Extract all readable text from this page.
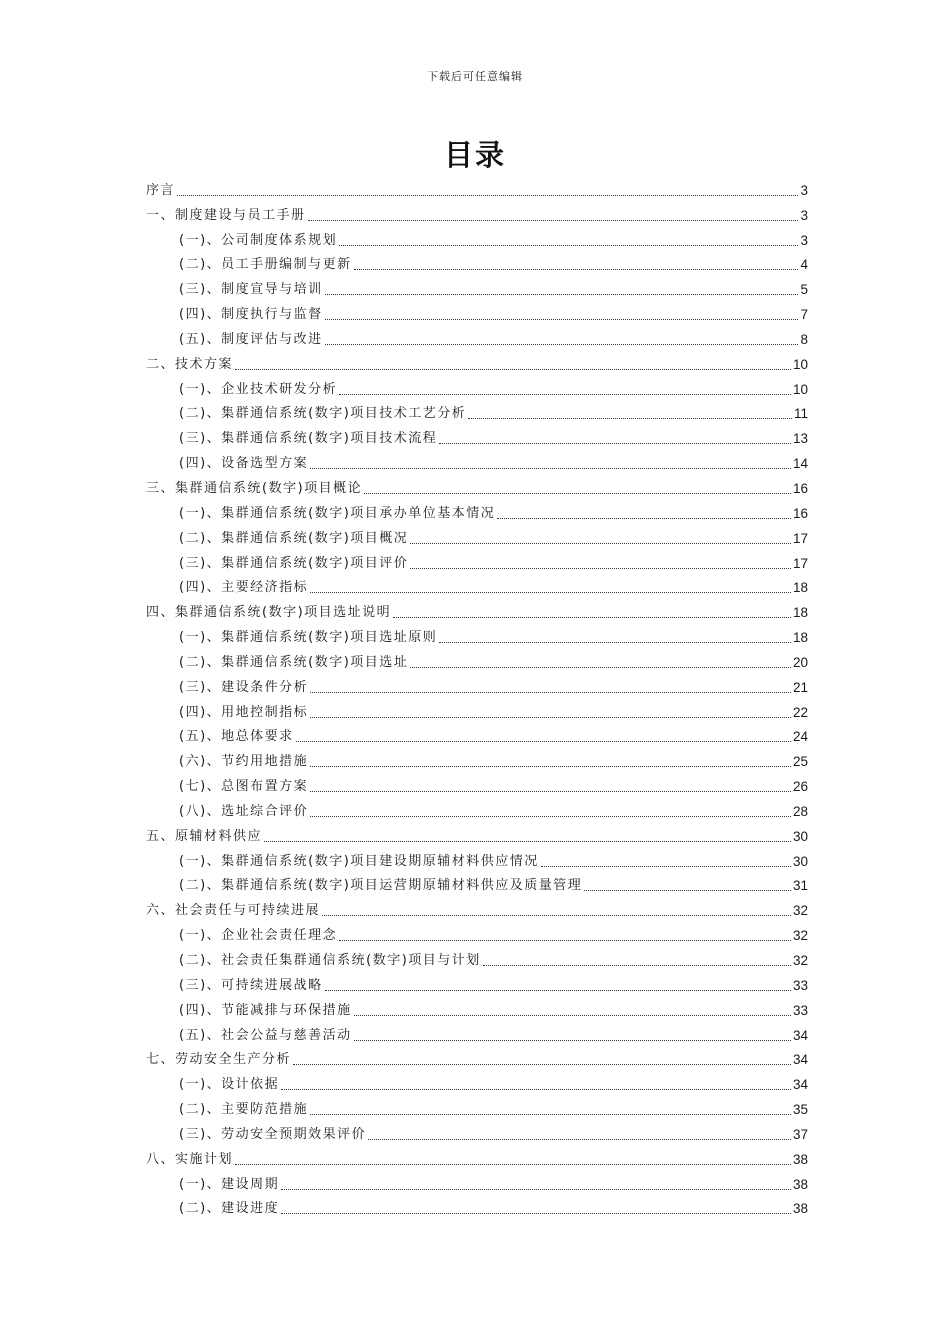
下载后可任意编辑
目录
序言	3
一、制度建设与员工手册	3
(一)、公司制度体系规划	3
(二)、员工手册编制与更新	4
(三)、制度宣导与培训	5
(四)、制度执行与监督	7
(五)、制度评估与改进	8
二、技术方案	10
(一)、企业技术研发分析	10
(二)、集群通信系统(数字)项目技术工艺分析	11
(三)、集群通信系统(数字)项目技术流程	13
(四)、设备选型方案	14
三、集群通信系统(数字)项目概论	16
(一)、集群通信系统(数字)项目承办单位基本情况	16
(二)、集群通信系统(数字)项目概况	17
(三)、集群通信系统(数字)项目评价	17
(四)、主要经济指标	18
四、集群通信系统(数字)项目选址说明	18
(一)、集群通信系统(数字)项目选址原则	18
(二)、集群通信系统(数字)项目选址	20
(三)、建设条件分析	21
(四)、用地控制指标	22
(五)、地总体要求	24
(六)、节约用地措施	25
(七)、总图布置方案	26
(八)、选址综合评价	28
五、原辅材料供应	30
(一)、集群通信系统(数字)项目建设期原辅材料供应情况	30
(二)、集群通信系统(数字)项目运营期原辅材料供应及质量管理	31
六、社会责任与可持续进展	32
(一)、企业社会责任理念	32
(二)、社会责任集群通信系统(数字)项目与计划	32
(三)、可持续进展战略	33
(四)、节能减排与环保措施	33
(五)、社会公益与慈善活动	34
七、劳动安全生产分析	34
(一)、设计依据	34
(二)、主要防范措施	35
(三)、劳动安全预期效果评价	37
八、实施计划	38
(一)、建设周期	38
(二)、建设进度	38
